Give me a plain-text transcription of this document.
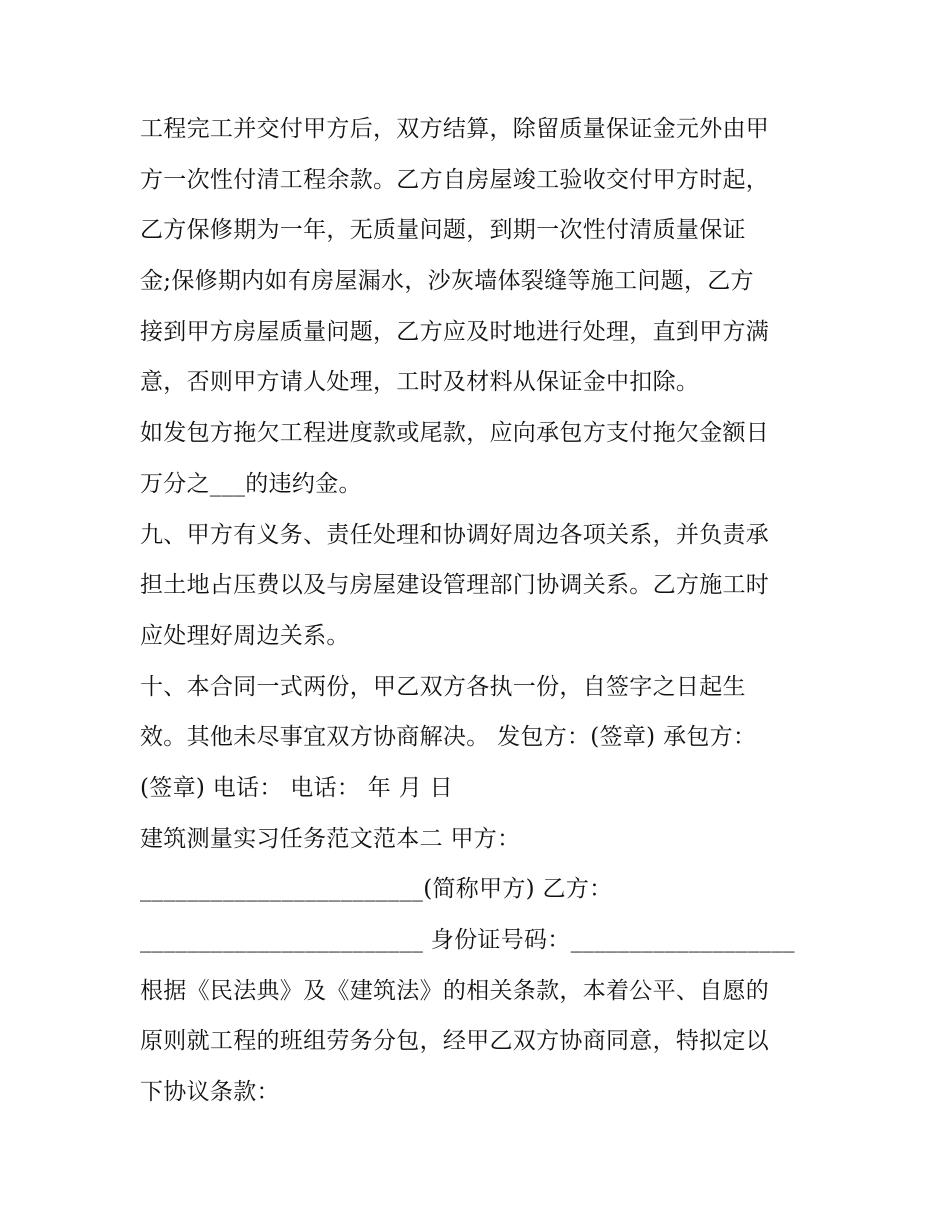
工程完工并交付甲方后，双方结算，除留质量保证金元外由甲
方一次性付清工程余款。乙方自房屋竣工验收交付甲方时起，
乙方保修期为一年，无质量问题，到期一次性付清质量保证
金;保修期内如有房屋漏水，沙灰墙体裂缝等施工问题，乙方
接到甲方房屋质量问题，乙方应及时地进行处理，直到甲方满
意，否则甲方请人处理，工时及材料从保证金中扣除。
如发包方拖欠工程进度款或尾款，应向承包方支付拖欠金额日
万分之___的违约金。
九、甲方有义务、责任处理和协调好周边各项关系，并负责承
担土地占压费以及与房屋建设管理部门协调关系。乙方施工时
应处理好周边关系。
十、本合同一式两份，甲乙双方各执一份，自签字之日起生
效。其他未尽事宜双方协商解决。 发包方：(签章) 承包方：
(签章) 电话： 电话： 年 月 日
建筑测量实习任务范文范本二 甲方：
________________________(简称甲方) 乙方：
________________________ 身份证号码：___________________
根据《民法典》及《建筑法》的相关条款，本着公平、自愿的
原则就工程的班组劳务分包，经甲乙双方协商同意，特拟定以
下协议条款：
